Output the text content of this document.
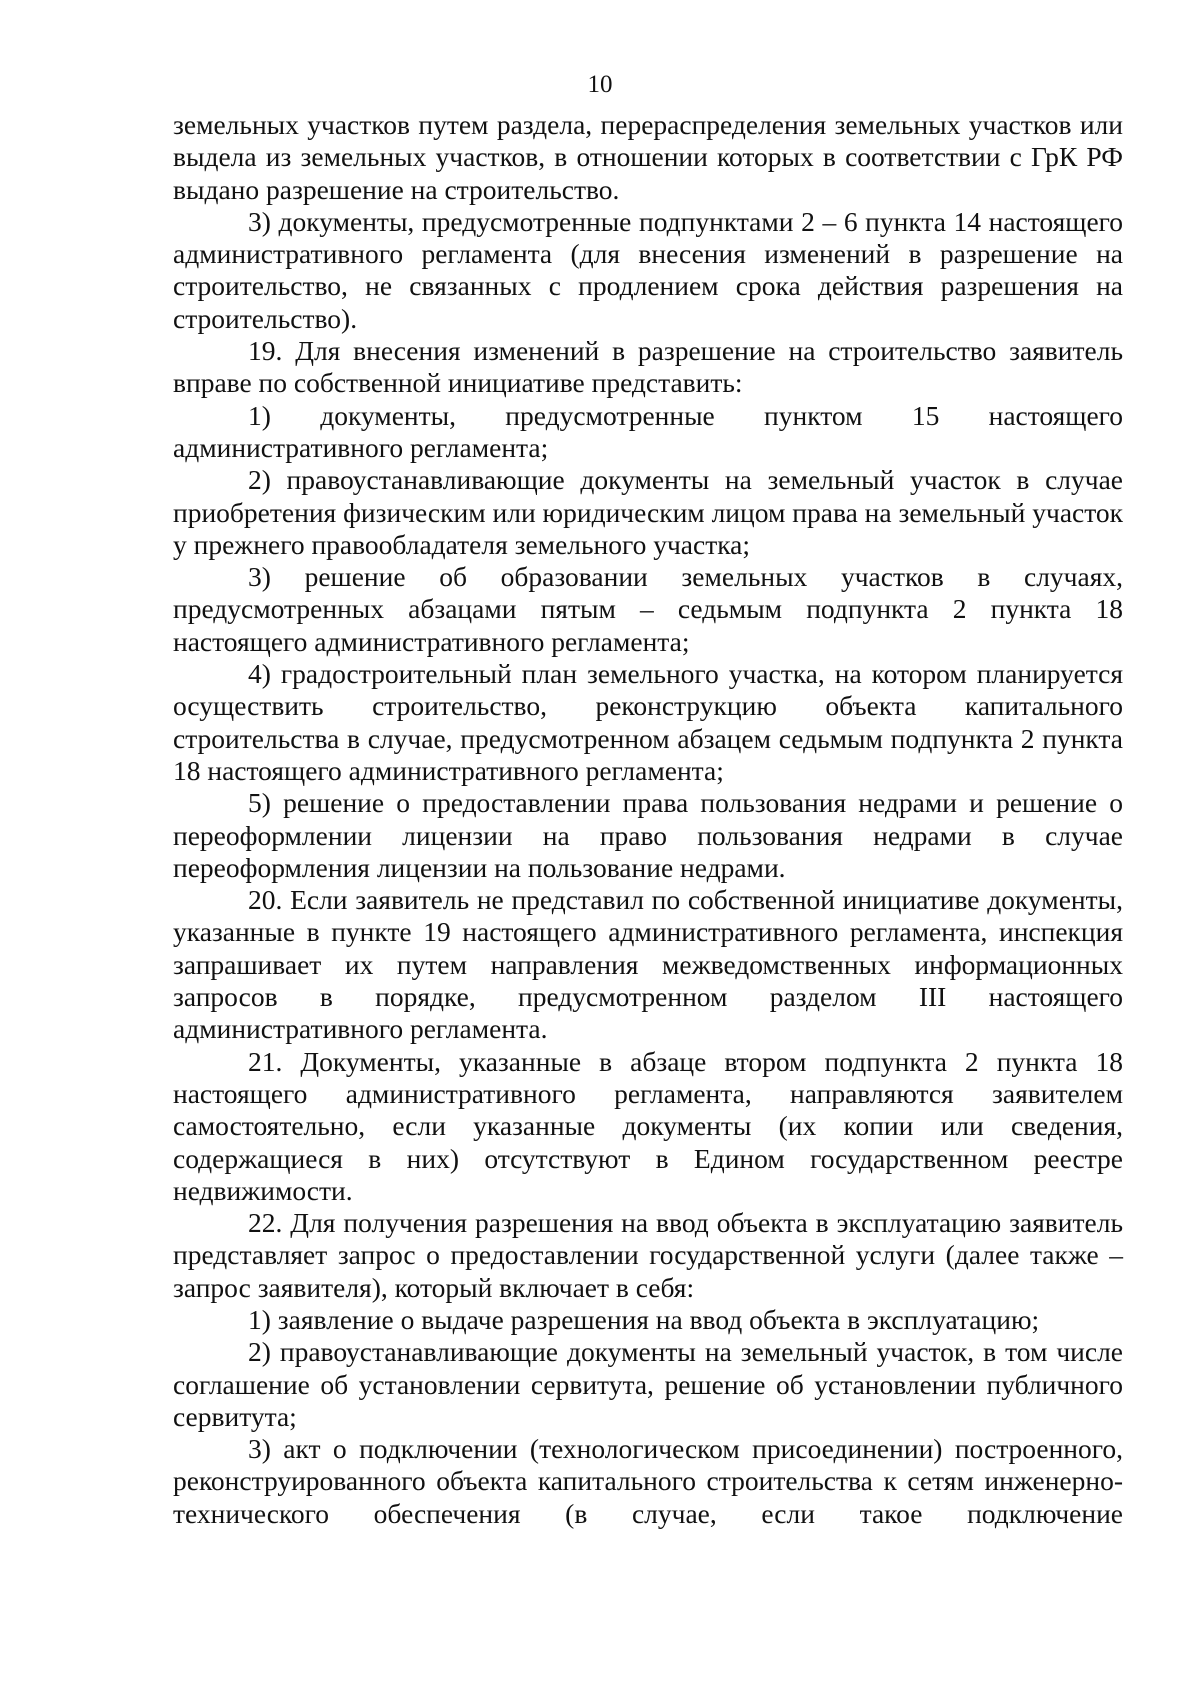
10

земельных участков путем раздела, перераспределения земельных участков или выдела из земельных участков, в отношении которых в соответствии с ГрК РФ выдано разрешение на строительство.

3) документы, предусмотренные подпунктами 2 – 6 пункта 14 настоящего административного регламента (для внесения изменений в разрешение на строительство, не связанных с продлением срока действия разрешения на строительство).

19. Для внесения изменений в разрешение на строительство заявитель вправе по собственной инициативе представить:

1) документы, предусмотренные пунктом 15 настоящего административного регламента;

2) правоустанавливающие документы на земельный участок в случае приобретения физическим или юридическим лицом права на земельный участок у прежнего правообладателя земельного участка;

3) решение об образовании земельных участков в случаях, предусмотренных абзацами пятым – седьмым подпункта 2 пункта 18 настоящего административного регламента;

4) градостроительный план земельного участка, на котором планируется осуществить строительство, реконструкцию объекта капитального строительства в случае, предусмотренном абзацем седьмым подпункта 2 пункта 18 настоящего административного регламента;

5) решение о предоставлении права пользования недрами и решение о переоформлении лицензии на право пользования недрами в случае переоформления лицензии на пользование недрами.

20. Если заявитель не представил по собственной инициативе документы, указанные в пункте 19 настоящего административного регламента, инспекция запрашивает их путем направления межведомственных информационных запросов в порядке, предусмотренном разделом III настоящего административного регламента.

21. Документы, указанные в абзаце втором подпункта 2 пункта 18 настоящего административного регламента, направляются заявителем самостоятельно, если указанные документы (их копии или сведения, содержащиеся в них) отсутствуют в Едином государственном реестре недвижимости.

22. Для получения разрешения на ввод объекта в эксплуатацию заявитель представляет запрос о предоставлении государственной услуги (далее также – запрос заявителя), который включает в себя:

1) заявление о выдаче разрешения на ввод объекта в эксплуатацию;

2) правоустанавливающие документы на земельный участок, в том числе соглашение об установлении сервитута, решение об установлении публичного сервитута;

3) акт о подключении (технологическом присоединении) построенного, реконструированного объекта капитального строительства к сетям инженерно-технического обеспечения (в случае, если такое подключение
